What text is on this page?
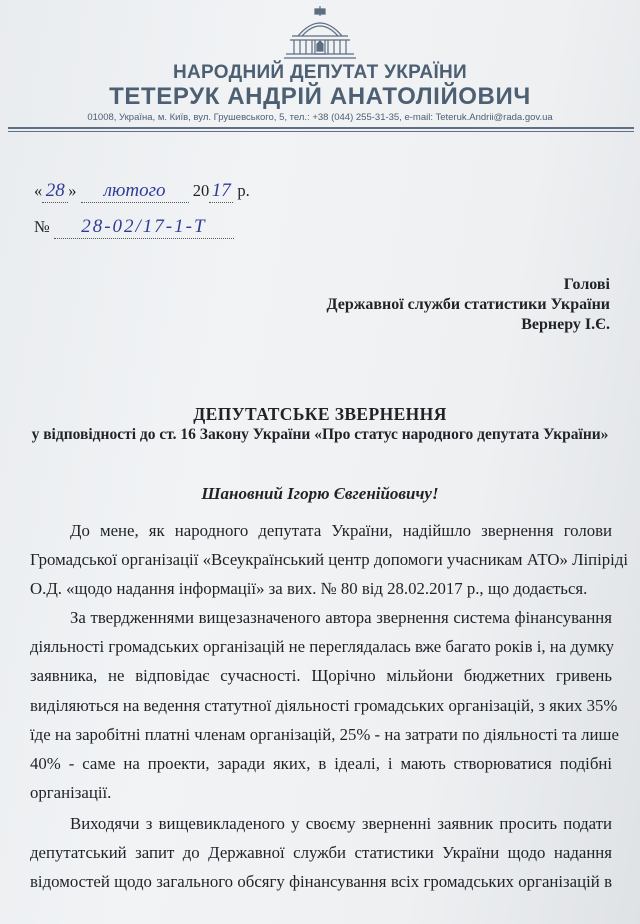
НАРОДНИЙ ДЕПУТАТ УКРАЇНИ
ТЕТЕРУК АНДРІЙ АНАТОЛІЙОВИЧ
01008, Україна, м. Київ, вул. Грушевського, 5, тел.: +38 (044) 255-31-35, e-mail: Teteruk.Andrii@rada.gov.ua
« 28 » лютого 20 17 р.
№ 28-02/17-1-Т
Голові
Державної служби статистики України
Вернеру І.Є.
ДЕПУТАТСЬКЕ ЗВЕРНЕННЯ
у відповідності до ст. 16 Закону України «Про статус народного депутата України»
Шановний Ігорю Євгенійовичу!
До мене, як народного депутата України, надійшло звернення голови
Громадської організації «Всеукраїнський центр допомоги учасникам АТО» Ліпіріді
О.Д. «щодо надання інформації» за вих. № 80 від 28.02.2017 р., що додається.
За твердженнями вищезазначеного автора звернення система фінансування
діяльності громадських організацій не переглядалась вже багато років і, на думку
заявника, не відповідає сучасності. Щорічно мільйони бюджетних гривень
виділяються на ведення статутної діяльності громадських організацій, з яких 35%
їде на заробітні платні членам організацій, 25% - на затрати по діяльності та лише
40% - саме на проекти, заради яких, в ідеалі, і мають створюватися подібні
організації.
Виходячи з вищевикладеного у своєму зверненні заявник просить подати
депутатський запит до Державної служби статистики України щодо надання
відомостей щодо загального обсягу фінансування всіх громадських організацій в
